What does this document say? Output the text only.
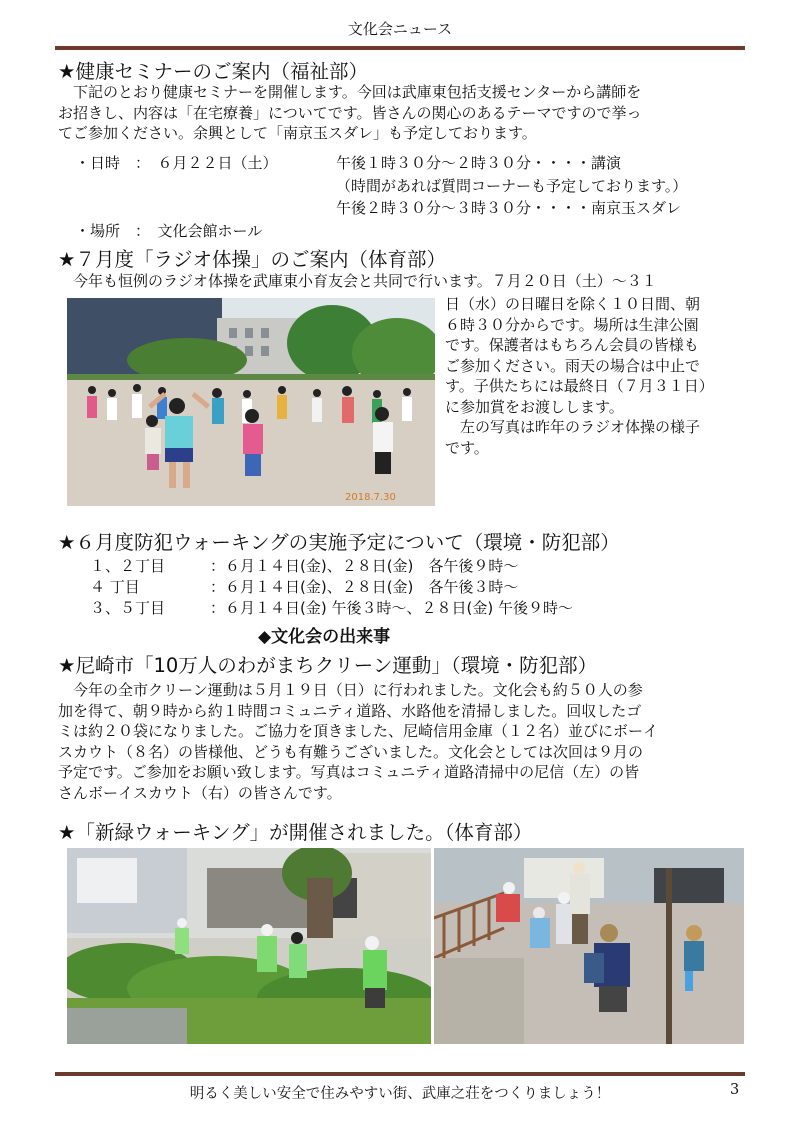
文化会ニュース
★健康セミナーのご案内（福祉部）
　下記のとおり健康セミナーを開催します。今回は武庫東包括支援センターから講師を
お招きし、内容は「在宅療養」についてです。皆さんの関心のあるテーマですので挙っ
てご参加ください。余興として「南京玉スダレ」も予定しております。
・日時　：　６月２２日（土）	午後１時３０分～２時３０分・・・・講演
（時間があれば質問コーナーも予定しております。）
午後２時３０分～３時３０分・・・・南京玉スダレ
・場所　：　文化会館ホール
★７月度「ラジオ体操」のご案内（体育部）
　今年も恒例のラジオ体操を武庫東小育友会と共同で行います。７月２０日（土）～３１
日（水）の日曜日を除く１０日間、朝
６時３０分からです。場所は生津公園
です。保護者はもちろん会員の皆様も
ご参加ください。雨天の場合は中止で
す。子供たちには最終日（７月３１日）
に参加賞をお渡しします。
　左の写真は昨年のラジオ体操の様子
です。
2018.7.30
★６月度防犯ウォーキングの実施予定について（環境・防犯部）
１、２丁目	：６月１４日(金)、２８日(金)　各午後９時～
４ 丁目	：６月１４日(金)、２８日(金)　各午後３時～
３、５丁目	：６月１４日(金) 午後３時～、２８日(金) 午後９時～
◆文化会の出来事
★尼崎市「10万人のわがまちクリーン運動」（環境・防犯部）
　今年の全市クリーン運動は５月１９日（日）に行われました。文化会も約５０人の参
加を得て、朝９時から約１時間コミュニティ道路、水路他を清掃しました。回収したゴ
ミは約２０袋になりました。ご協力を頂きました、尼崎信用金庫（１２名）並びにボーイ
スカウト（８名）の皆様他、どうも有難うございました。文化会としては次回は９月の
予定です。ご参加をお願い致します。写真はコミュニティ道路清掃中の尼信（左）の皆
さんボーイスカウト（右）の皆さんです。
★「新緑ウォーキング」が開催されました。（体育部）
明るく美しい安全で住みやすい街、武庫之荘をつくりましょう！	3
